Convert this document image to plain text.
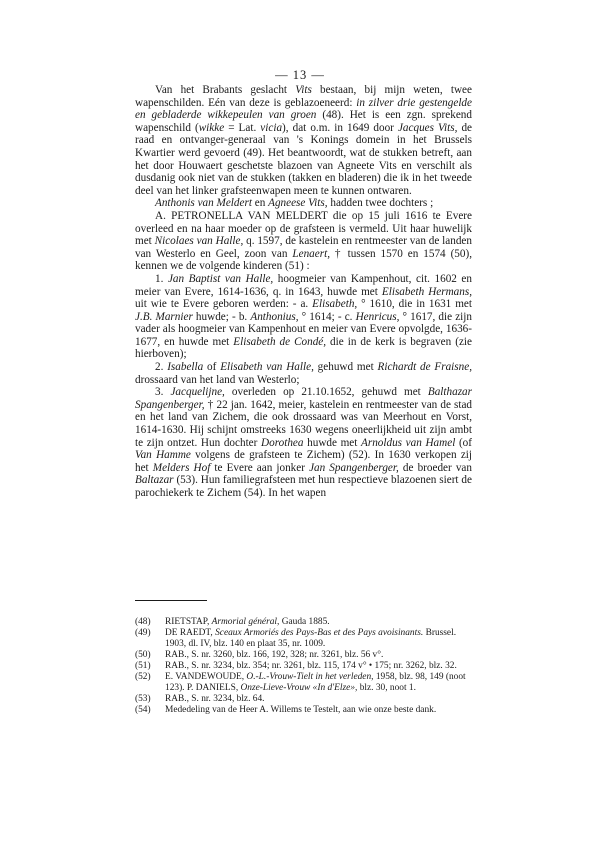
— 13 —

Van het Brabants geslacht Vits bestaan, bij mijn weten, twee wapenschilden. Eén van deze is geblazoeneerd: in zilver drie gestengelde en gebladerde wikkepeulen van groen (48). Het is een zgn. sprekend wapenschild (wikke = Lat. vicia), dat o.m. in 1649 door Jacques Vits, de raad en ontvanger-generaal van 's Konings domein in het Brussels Kwartier werd gevoerd (49). Het beantwoordt, wat de stukken betreft, aan het door Houwaert geschetste blazoen van Agneete Vits en verschilt als dusdanig ook niet van de stukken (takken en bladeren) die ik in het tweede deel van het linker grafsteenwapen meen te kunnen ontwaren.

Anthonis van Meldert en Agneese Vits, hadden twee dochters ;

A. PETRONELLA VAN MELDERT die op 15 juli 1616 te Evere overleed en na haar moeder op de grafsteen is vermeld. Uit haar huwelijk met Nicolaes van Halle, q. 1597, de kastelein en rentmeester van de landen van Westerlo en Geel, zoon van Lenaert, † tussen 1570 en 1574 (50), kennen we de volgende kinderen (51) :

1. Jan Baptist van Halle, hoogmeier van Kampenhout, cit. 1602 en meier van Evere, 1614-1636, q. in 1643, huwde met Elisabeth Hermans, uit wie te Evere geboren werden: - a. Elisabeth, ° 1610, die in 1631 met J.B. Marnier huwde; - b. Anthonius, ° 1614; - c. Henricus, ° 1617, die zijn vader als hoogmeier van Kampenhout en meier van Evere opvolgde, 1636-1677, en huwde met Elisabeth de Condé, die in de kerk is begraven (zie hierboven);

2. Isabella of Elisabeth van Halle, gehuwd met Richardt de Fraisne, drossaard van het land van Westerlo;

3. Jacquelijne, overleden op 21.10.1652, gehuwd met Balthazar Spangenberger, † 22 jan. 1642, meier, kastelein en rentmeester van de stad en het land van Zichem, die ook drossaard was van Meerhout en Vorst, 1614-1630. Hij schijnt omstreeks 1630 wegens oneerlijkheid uit zijn ambt te zijn ontzet. Hun dochter Dorothea huwde met Arnoldus van Hamel (of Van Hamme volgens de grafsteen te Zichem) (52). In 1630 verkopen zij het Melders Hof te Evere aan jonker Jan Spangenberger, de broeder van Baltazar (53). Hun familiegrafsteen met hun respectieve blazoenen siert de parochiekerk te Zichem (54). In het wapen

(48)	RIETSTAP, Armorial général, Gauda 1885.
(49)	DE RAEDT, Sceaux Armoriés des Pays-Bas et des Pays avoisinants. Brussel. 1903, dl. IV, blz. 140 en plaat 35, nr. 1009.
(50)	RAB., S. nr. 3260, blz. 166, 192, 328; nr. 3261, blz. 56 v°.
(51)	RAB., S. nr. 3234, blz. 354; nr. 3261, blz. 115, 174 v° • 175; nr. 3262, blz. 32.
(52)	E. VANDEWOUDE, O.-L.-Vrouw-Tielt in het verleden, 1958, blz. 98, 149 (noot 123). P. DANIELS, Onze-Lieve-Vrouw «In d'Elze», blz. 30, noot 1.
(53)	RAB., S. nr. 3234, blz. 64.
(54)	Mededeling van de Heer A. Willems te Testelt, aan wie onze beste dank.
